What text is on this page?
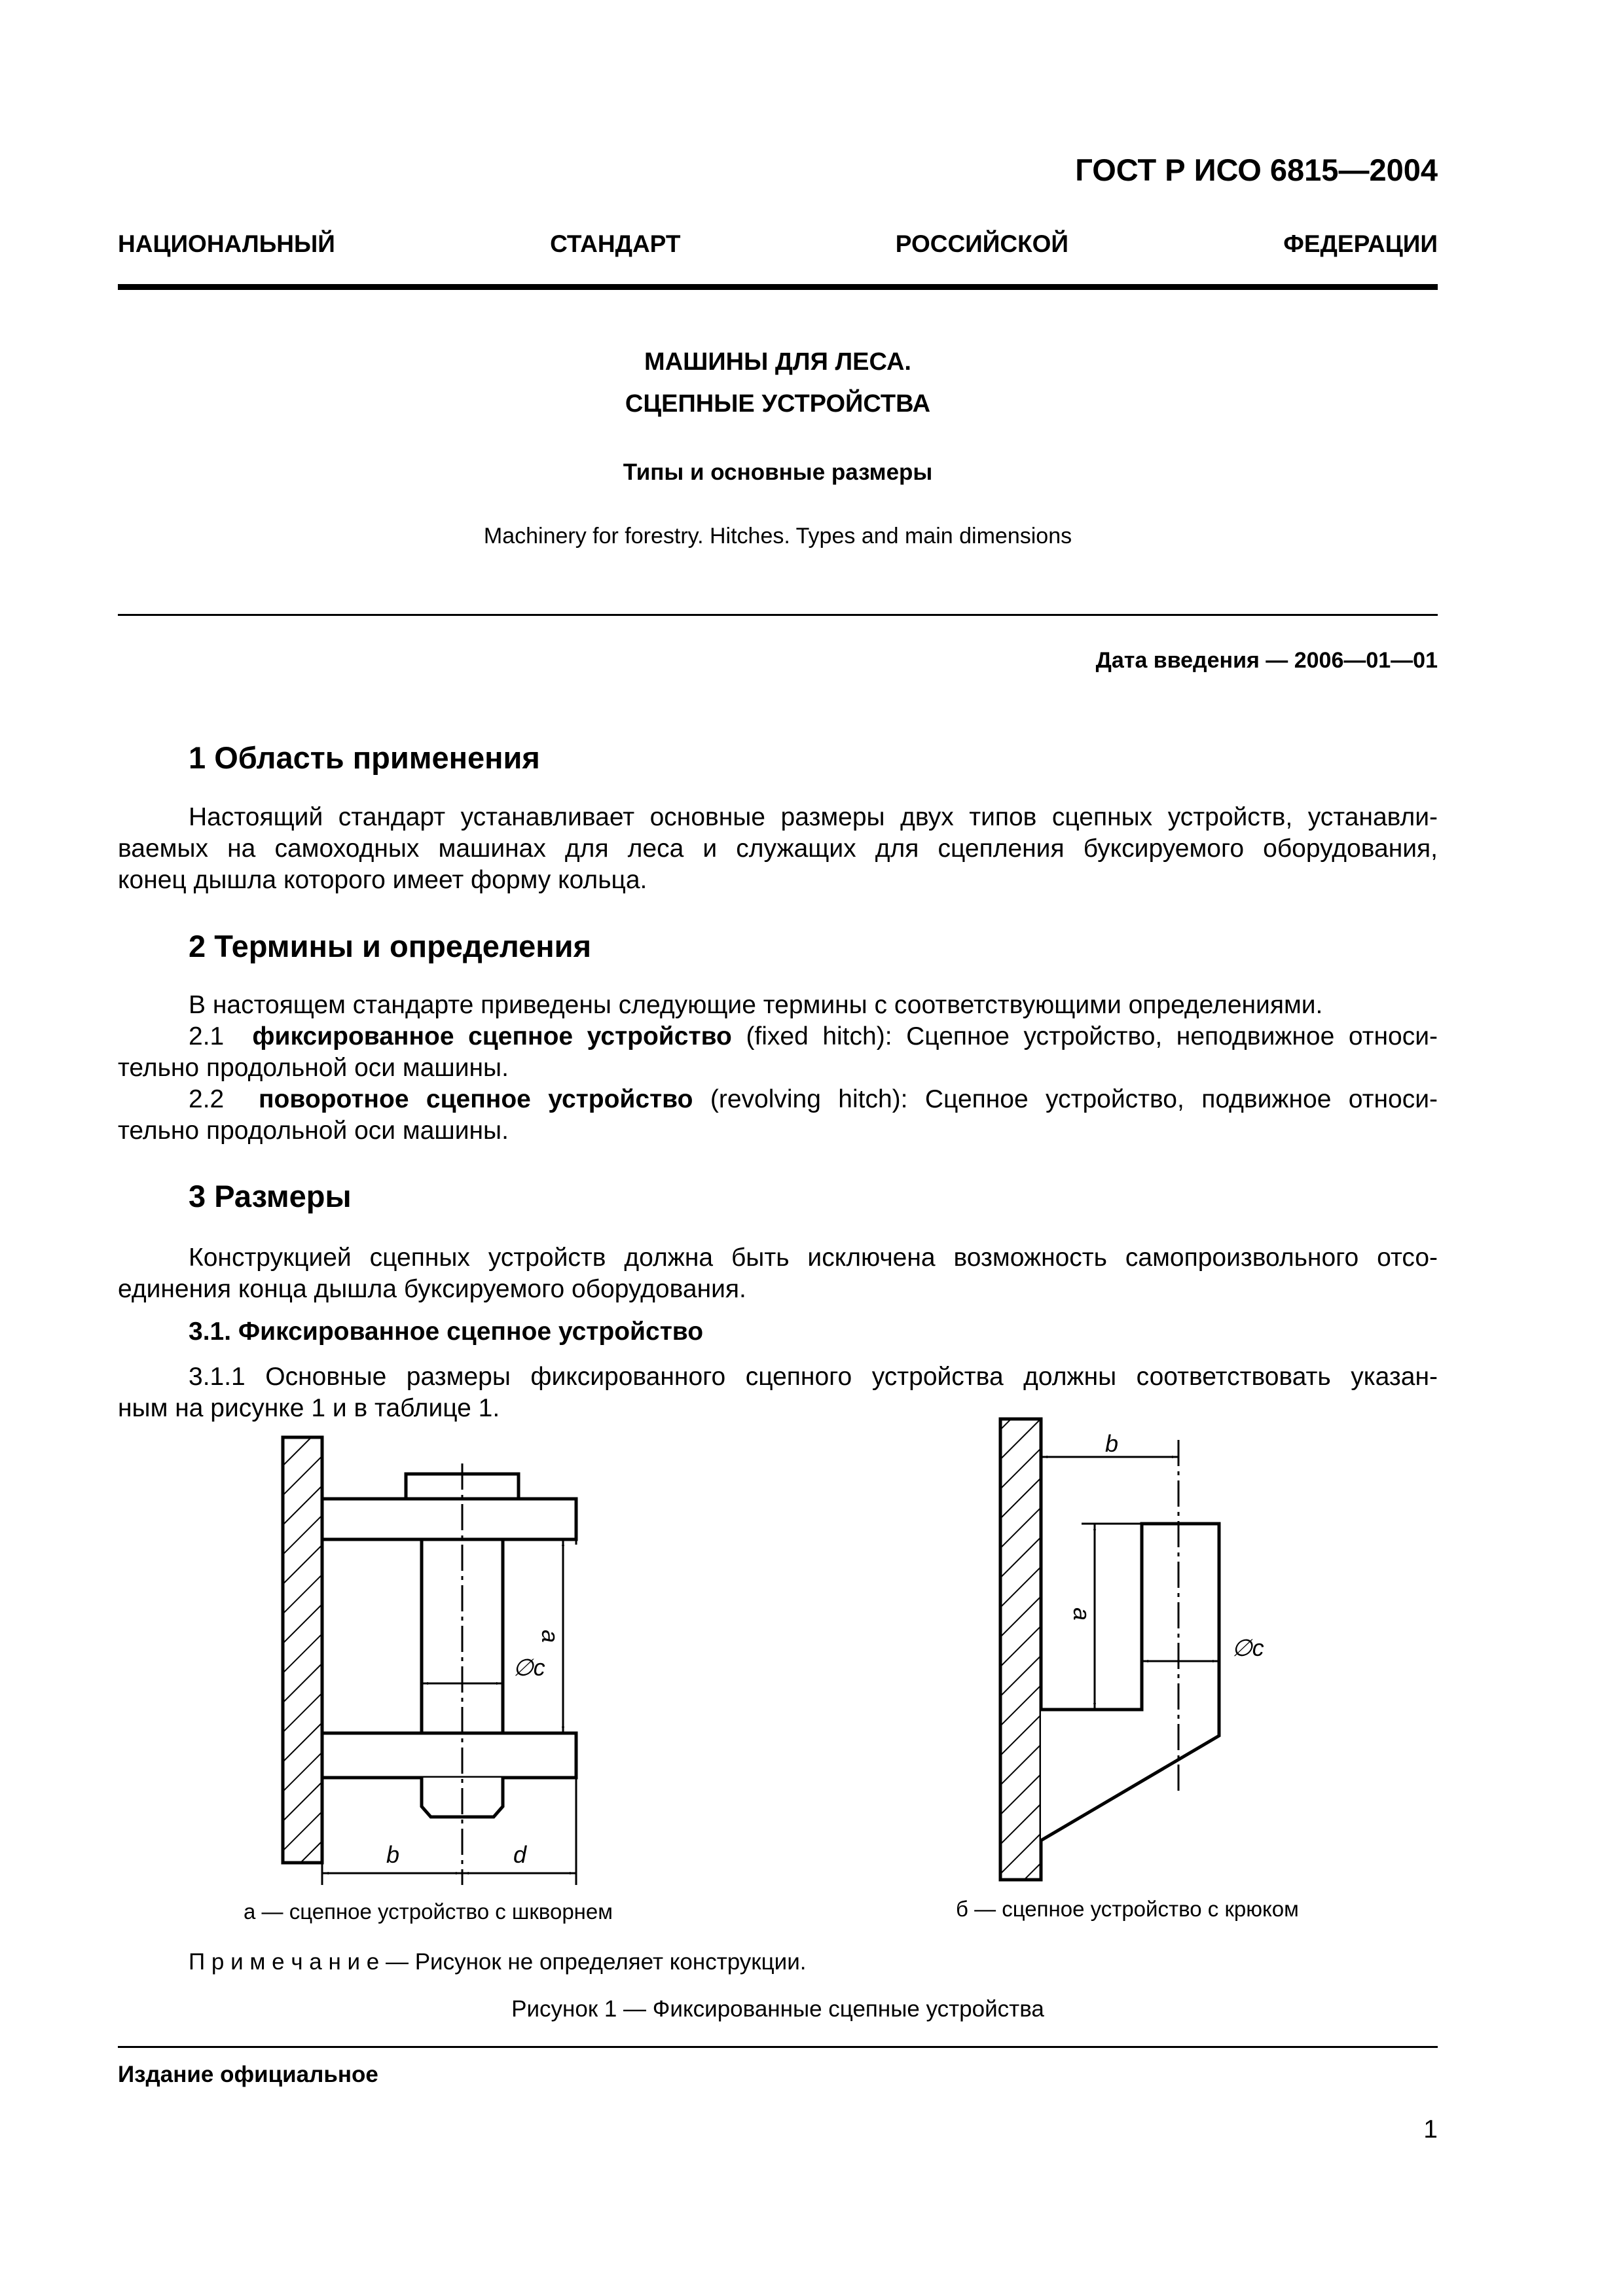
ГОСТ Р ИСО 6815—2004
НАЦИОНАЛЬНЫЙ	СТАНДАРТ	РОССИЙСКОЙ	ФЕДЕРАЦИИ
МАШИНЫ ДЛЯ ЛЕСА.
СЦЕПНЫЕ УСТРОЙСТВА
Типы и основные размеры
Machinery for forestry. Hitches. Types and main dimensions
Дата введения — 2006—01—01
1 Область применения
Настоящий стандарт устанавливает основные размеры двух типов сцепных устройств, устанавли-
ваемых на самоходных машинах для леса и служащих для сцепления буксируемого оборудования,
конец дышла которого имеет форму кольца.
2 Термины и определения
В настоящем стандарте приведены следующие термины с соответствующими определениями.
2.1 фиксированное сцепное устройство (fixed hitch): Сцепное устройство, неподвижное относи-
тельно продольной оси машины.
2.2 поворотное сцепное устройство (revolving hitch): Сцепное устройство, подвижное относи-
тельно продольной оси машины.
3 Размеры
Конструкцией сцепных устройств должна быть исключена возможность самопроизвольного отсо-
единения конца дышла буксируемого оборудования.
3.1. Фиксированное сцепное устройство
3.1.1 Основные размеры фиксированного сцепного устройства должны соответствовать указан-
ным на рисунке 1 и в таблице 1.
a
∅c
b	d
b
a
∅c
а — сцепное устройство с шкворнем	б — сцепное устройство с крюком
П р и м е ч а н и е — Рисунок не определяет конструкции.
Рисунок 1 — Фиксированные сцепные устройства
Издание официальное
1
